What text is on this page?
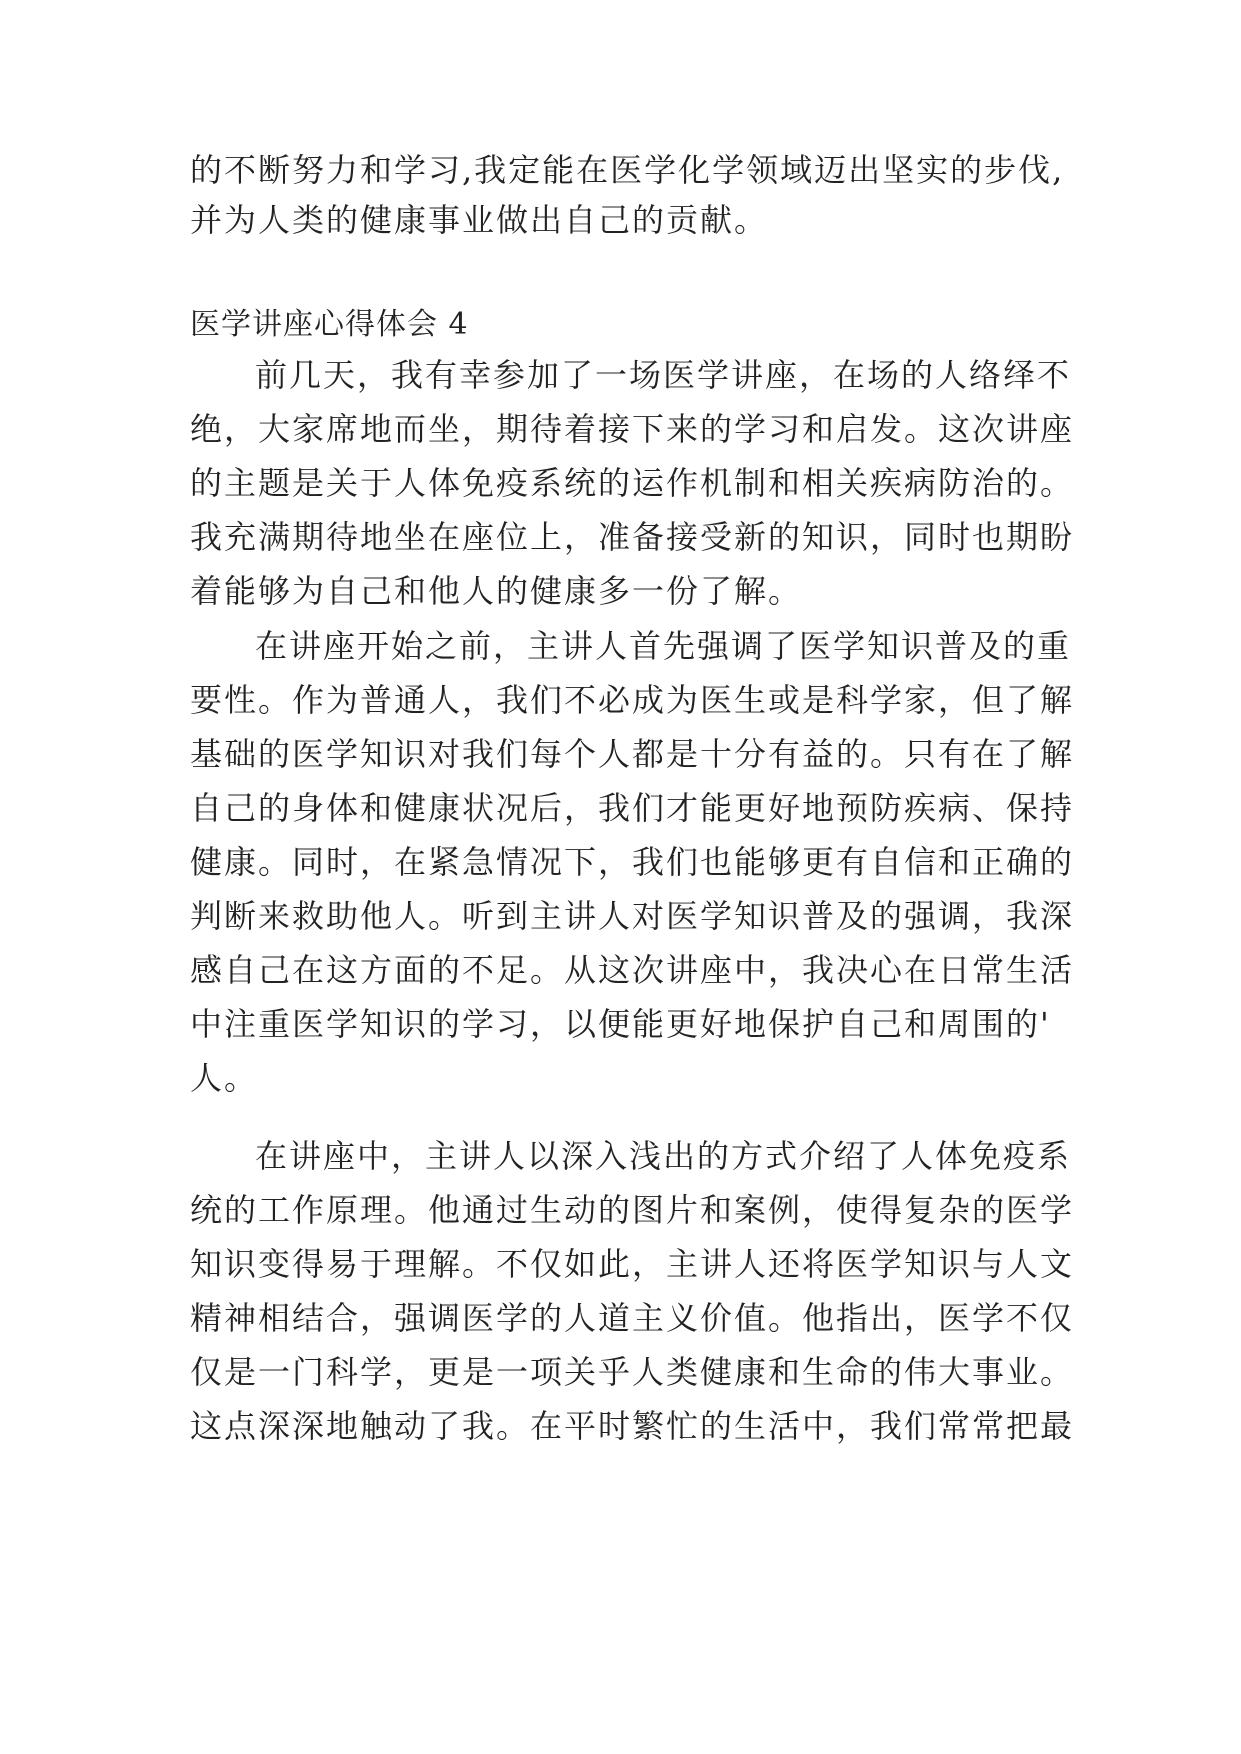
的不断努力和学习,我定能在医学化学领域迈出坚实的步伐,
并为人类的健康事业做出自己的贡献。
医学讲座心得体会 4
前几天，我有幸参加了一场医学讲座，在场的人络绎不
绝，大家席地而坐，期待着接下来的学习和启发。这次讲座
的主题是关于人体免疫系统的运作机制和相关疾病防治的。
我充满期待地坐在座位上，准备接受新的知识，同时也期盼
着能够为自己和他人的健康多一份了解。
在讲座开始之前，主讲人首先强调了医学知识普及的重
要性。作为普通人，我们不必成为医生或是科学家，但了解
基础的医学知识对我们每个人都是十分有益的。只有在了解
自己的身体和健康状况后，我们才能更好地预防疾病、保持
健康。同时，在紧急情况下，我们也能够更有自信和正确的
判断来救助他人。听到主讲人对医学知识普及的强调，我深
感自己在这方面的不足。从这次讲座中，我决心在日常生活
中注重医学知识的学习，以便能更好地保护自己和周围的'
人。
在讲座中，主讲人以深入浅出的方式介绍了人体免疫系
统的工作原理。他通过生动的图片和案例，使得复杂的医学
知识变得易于理解。不仅如此，主讲人还将医学知识与人文
精神相结合，强调医学的人道主义价值。他指出，医学不仅
仅是一门科学，更是一项关乎人类健康和生命的伟大事业。
这点深深地触动了我。在平时繁忙的生活中，我们常常把最
